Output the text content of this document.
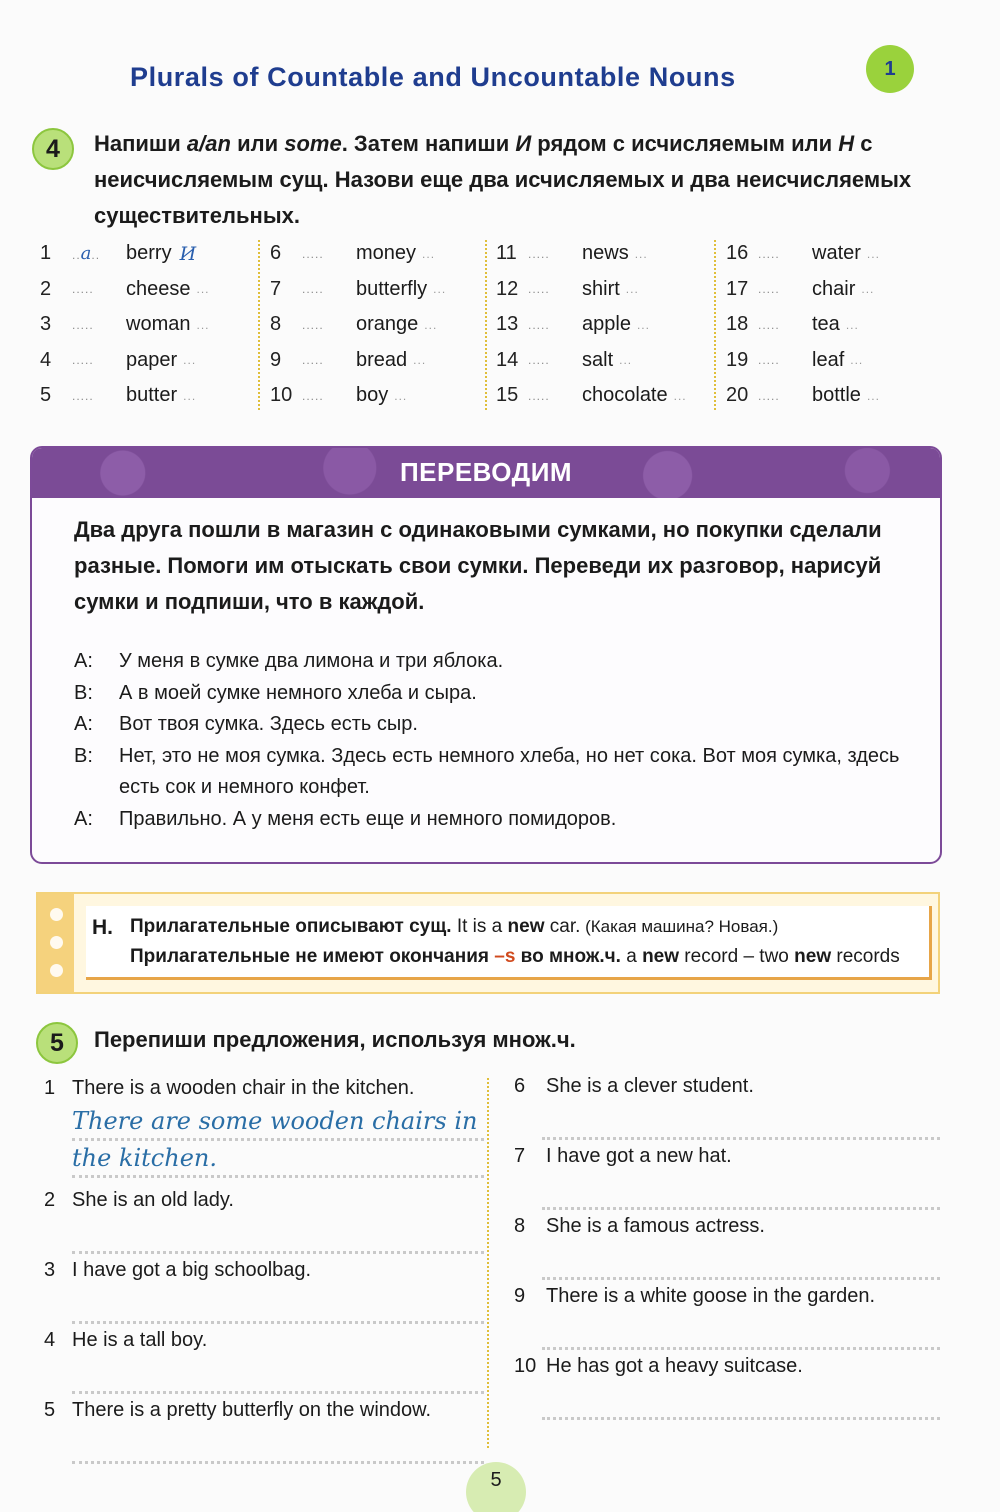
Plurals of Countable and Uncountable Nouns	1
4	Напиши a/an или some. Затем напиши И рядом с исчисляемым или Н с неисчисляемым сущ. Назови еще два исчисляемых и два неисчисляемых существительных.
1	..a..	berry И
2	.....	cheese ...
3	.....	woman ...
4	.....	paper ...
5	.....	butter ...
6	.....	money ...
7	.....	butterfly ...
8	.....	orange ...
9	.....	bread ...
10 .....	boy ...
11 .....	news ...
12 .....	shirt ...
13 .....	apple ...
14 .....	salt ...
15 .....	chocolate ...
16 .....	water ...
17 .....	chair ...
18 .....	tea ...
19 .....	leaf ...
20 .....	bottle ...
ПЕРЕВОДИМ
Два друга пошли в магазин с одинаковыми сумками, но покупки сделали разные. Помоги им отыскать свои сумки. Переведи их разговор, нарисуй сумки и подпиши, что в каждой.
A:	У меня в сумке два лимона и три яблока.
B:	А в моей сумке немного хлеба и сыра.
A:	Вот твоя сумка. Здесь есть сыр.
B:	Нет, это не моя сумка. Здесь есть немного хлеба, но нет сока. Вот моя сумка, здесь есть сок и немного конфет.
A:	Правильно. А у меня есть еще и немного помидоров.
H. Прилагательные описывают сущ. It is a new car. (Какая машина? Новая.)
Прилагательные не имеют окончания –s во множ.ч. a new record – two new records
5	Перепиши предложения, используя множ.ч.
1 There is a wooden chair in the kitchen.
There are some wooden chairs in
the kitchen.
2 She is an old lady.
3 I have got a big schoolbag.
4 He is a tall boy.
5 There is a pretty butterfly on the window.
6	She is a clever student.
7	I have got a new hat.
8	She is a famous actress.
9	There is a white goose in the garden.
10 He has got a heavy suitcase.
5
